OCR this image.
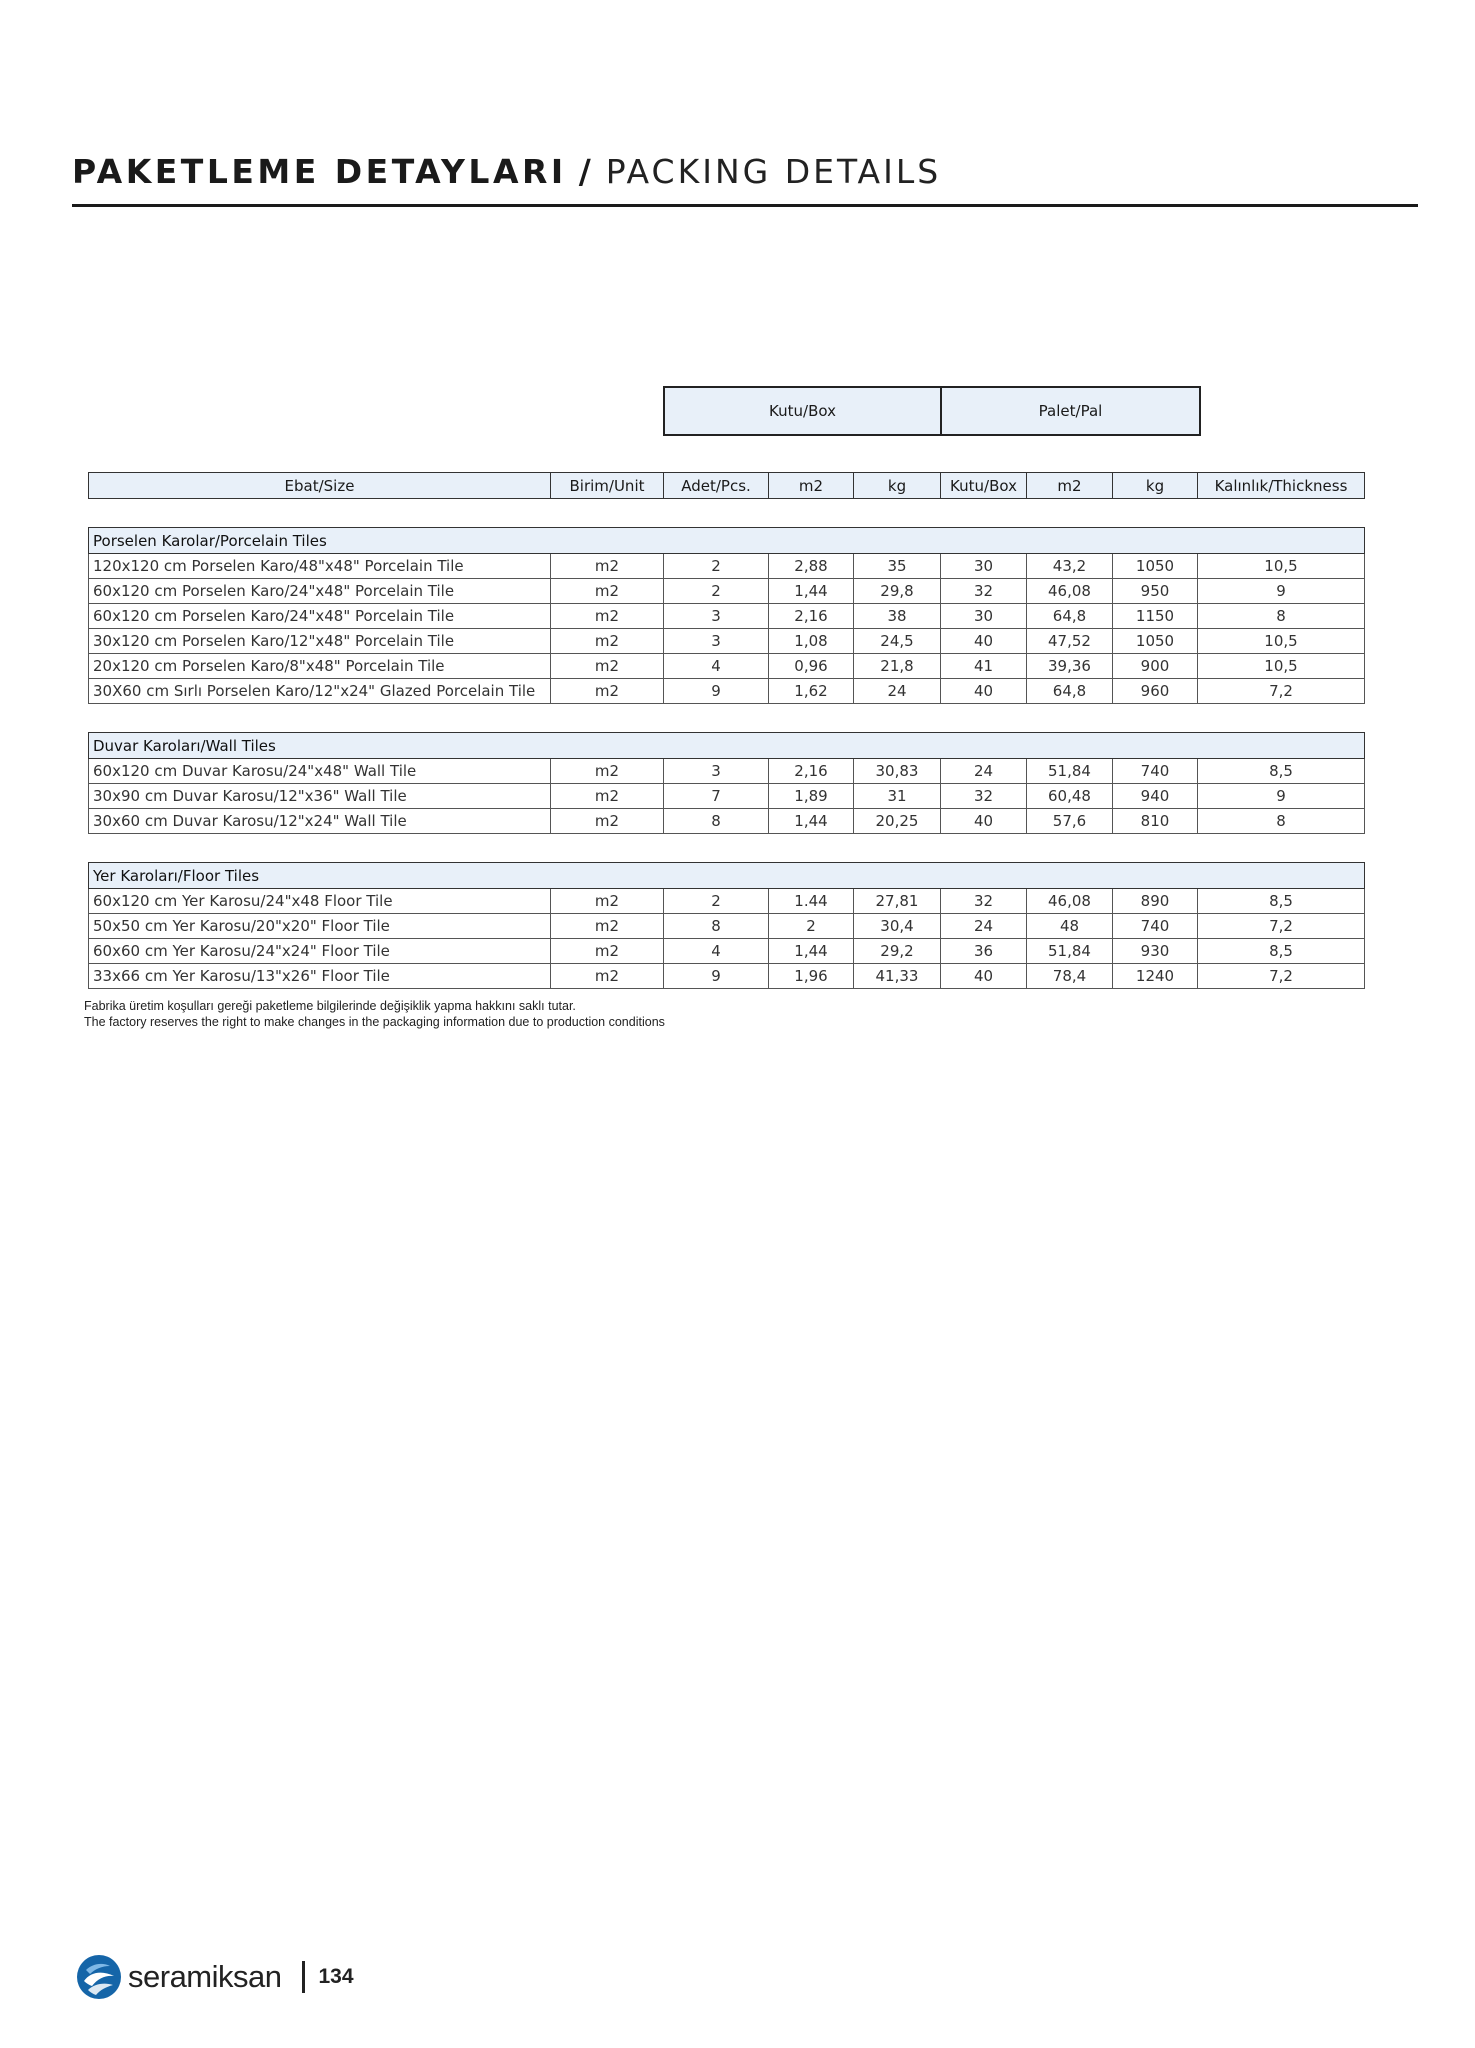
PAKETLEME DETAYLARI / PACKING DETAILS
Kutu/Box	Palet/Pal
Ebat/Size	Birim/Unit	Adet/Pcs.	m2	kg	Kutu/Box	m2	kg	Kalınlık/Thickness

Porselen Karolar/Porcelain Tiles								
120x120 cm Porselen Karo/48"x48" Porcelain Tile	m2	2	2,88	35	30	43,2	1050	10,5
60x120 cm Porselen Karo/24"x48" Porcelain Tile	m2	2	1,44	29,8	32	46,08	950	9
60x120 cm Porselen Karo/24"x48" Porcelain Tile	m2	3	2,16	38	30	64,8	1150	8
30x120 cm Porselen Karo/12"x48" Porcelain Tile	m2	3	1,08	24,5	40	47,52	1050	10,5
20x120 cm Porselen Karo/8"x48" Porcelain Tile	m2	4	0,96	21,8	41	39,36	900	10,5
30X60 cm Sırlı Porselen Karo/12"x24" Glazed Porcelain Tile	m2	9	1,62	24	40	64,8	960	7,2

Duvar Karoları/Wall Tiles								
60x120 cm Duvar Karosu/24"x48" Wall Tile	m2	3	2,16	30,83	24	51,84	740	8,5
30x90 cm Duvar Karosu/12"x36" Wall Tile	m2	7	1,89	31	32	60,48	940	9
30x60 cm Duvar Karosu/12"x24" Wall Tile	m2	8	1,44	20,25	40	57,6	810	8

Yer Karoları/Floor Tiles								
60x120 cm Yer Karosu/24"x48 Floor Tile	m2	2	1.44	27,81	32	46,08	890	8,5
50x50 cm Yer Karosu/20"x20" Floor Tile	m2	8	2	30,4	24	48	740	7,2
60x60 cm Yer Karosu/24"x24" Floor Tile	m2	4	1,44	29,2	36	51,84	930	8,5
33x66 cm Yer Karosu/13"x26" Floor Tile	m2	9	1,96	41,33	40	78,4	1240	7,2
Fabrika üretim koşulları gereği paketleme bilgilerinde değişiklik yapma hakkını saklı tutar.
The factory reserves the right to make changes in the packaging information due to production conditions
seramiksan 134
